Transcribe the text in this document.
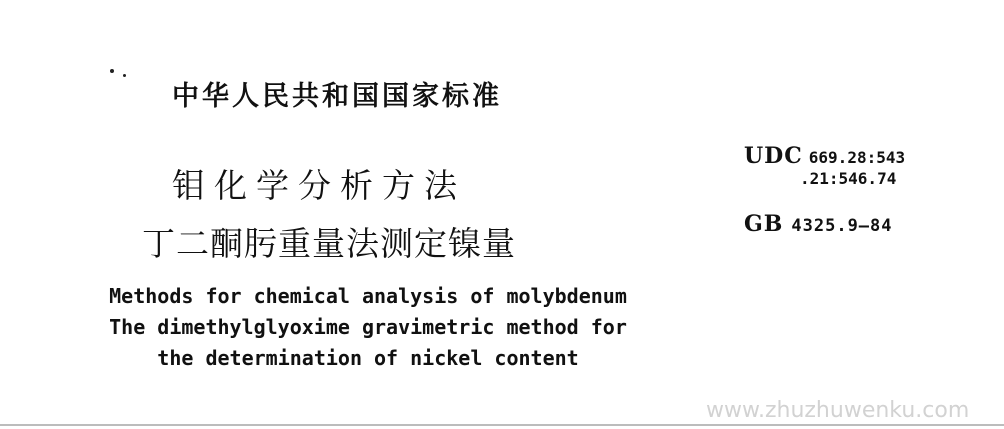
中华人民共和国国家标准
钼化学分析方法
丁二酮肟重量法测定镍量
Methods for chemical analysis of molybdenum
The dimethylglyoxime gravimetric method for
the determination of nickel content
UDC 669.28:543
.21:546.74
GB 4325.9—84
www.zhuzhuwenku.com
